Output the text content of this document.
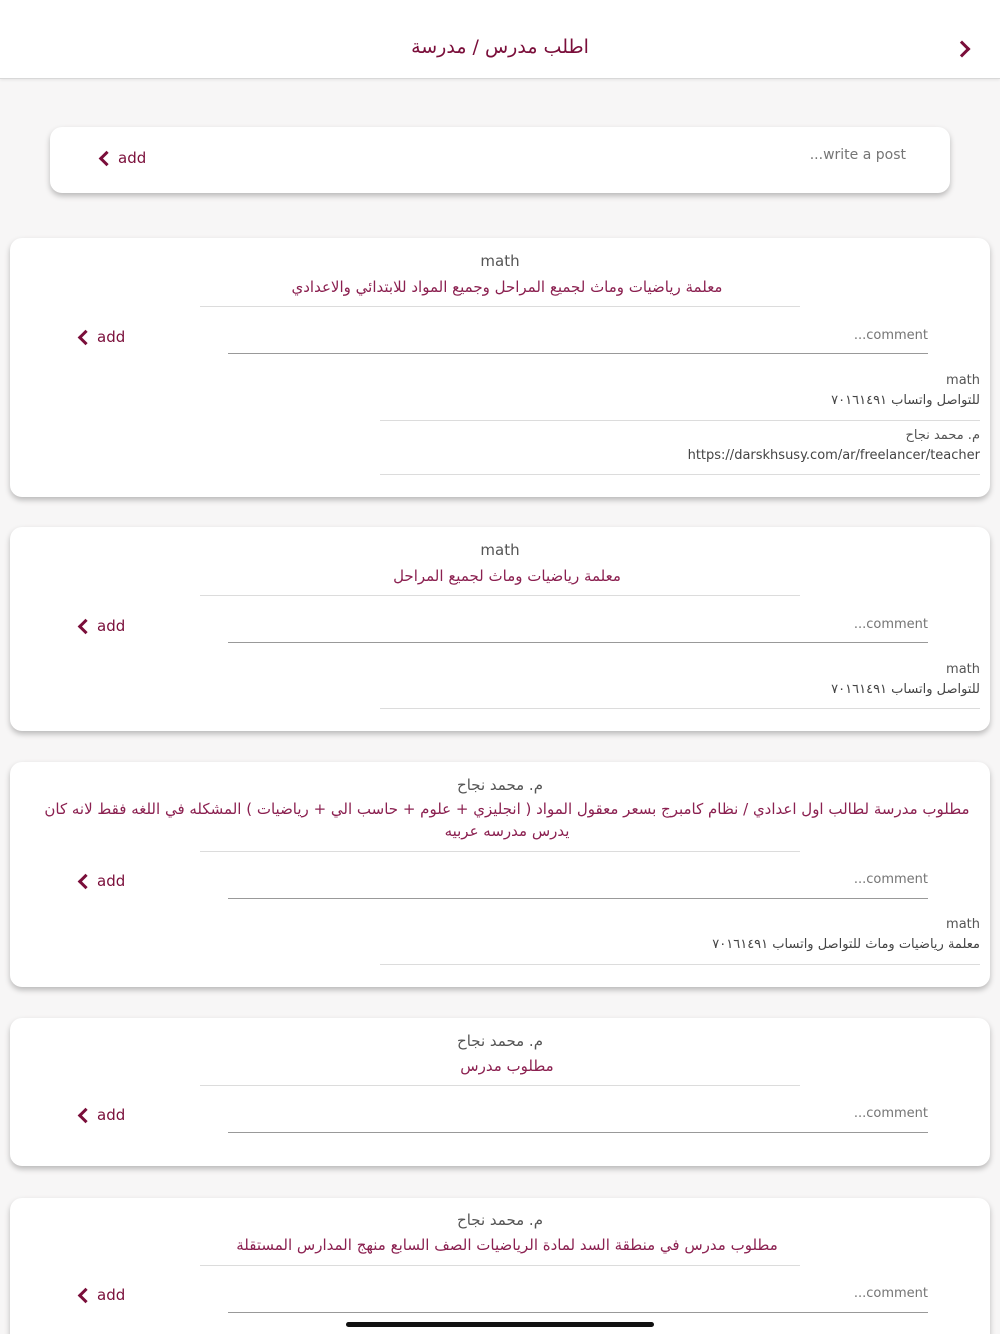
اطلب مدرس / مدرسة
add
...write a post
math
معلمة رياضيات وماث لجميع المراحل وجميع المواد للابتدائي والاعدادي
add
...comment
math
للتواصل واتساب ٧٠١٦١٤٩١
م. محمد نجاح
https://darskhsusy.com/ar/freelancer/teacher
math
معلمة رياضيات وماث لجميع المراحل
add
...comment
math
للتواصل واتساب ٧٠١٦١٤٩١
م. محمد نجاح
مطلوب مدرسة لطالب اول اعدادي / نظام كامبرج بسعر معقول المواد ( انجليزي + علوم + حاسب الي + رياضيات ) المشكله في اللغه فقط لانه كان يدرس مدرسه عربيه
add
...comment
math
معلمة رياضيات وماث للتواصل واتساب ٧٠١٦١٤٩١
م. محمد نجاح
مطلوب مدرس
add
...comment
م. محمد نجاح
مطلوب مدرس في منطقة السد لمادة الرياضيات الصف السابع منهج المدارس المستقلة
add
...comment
